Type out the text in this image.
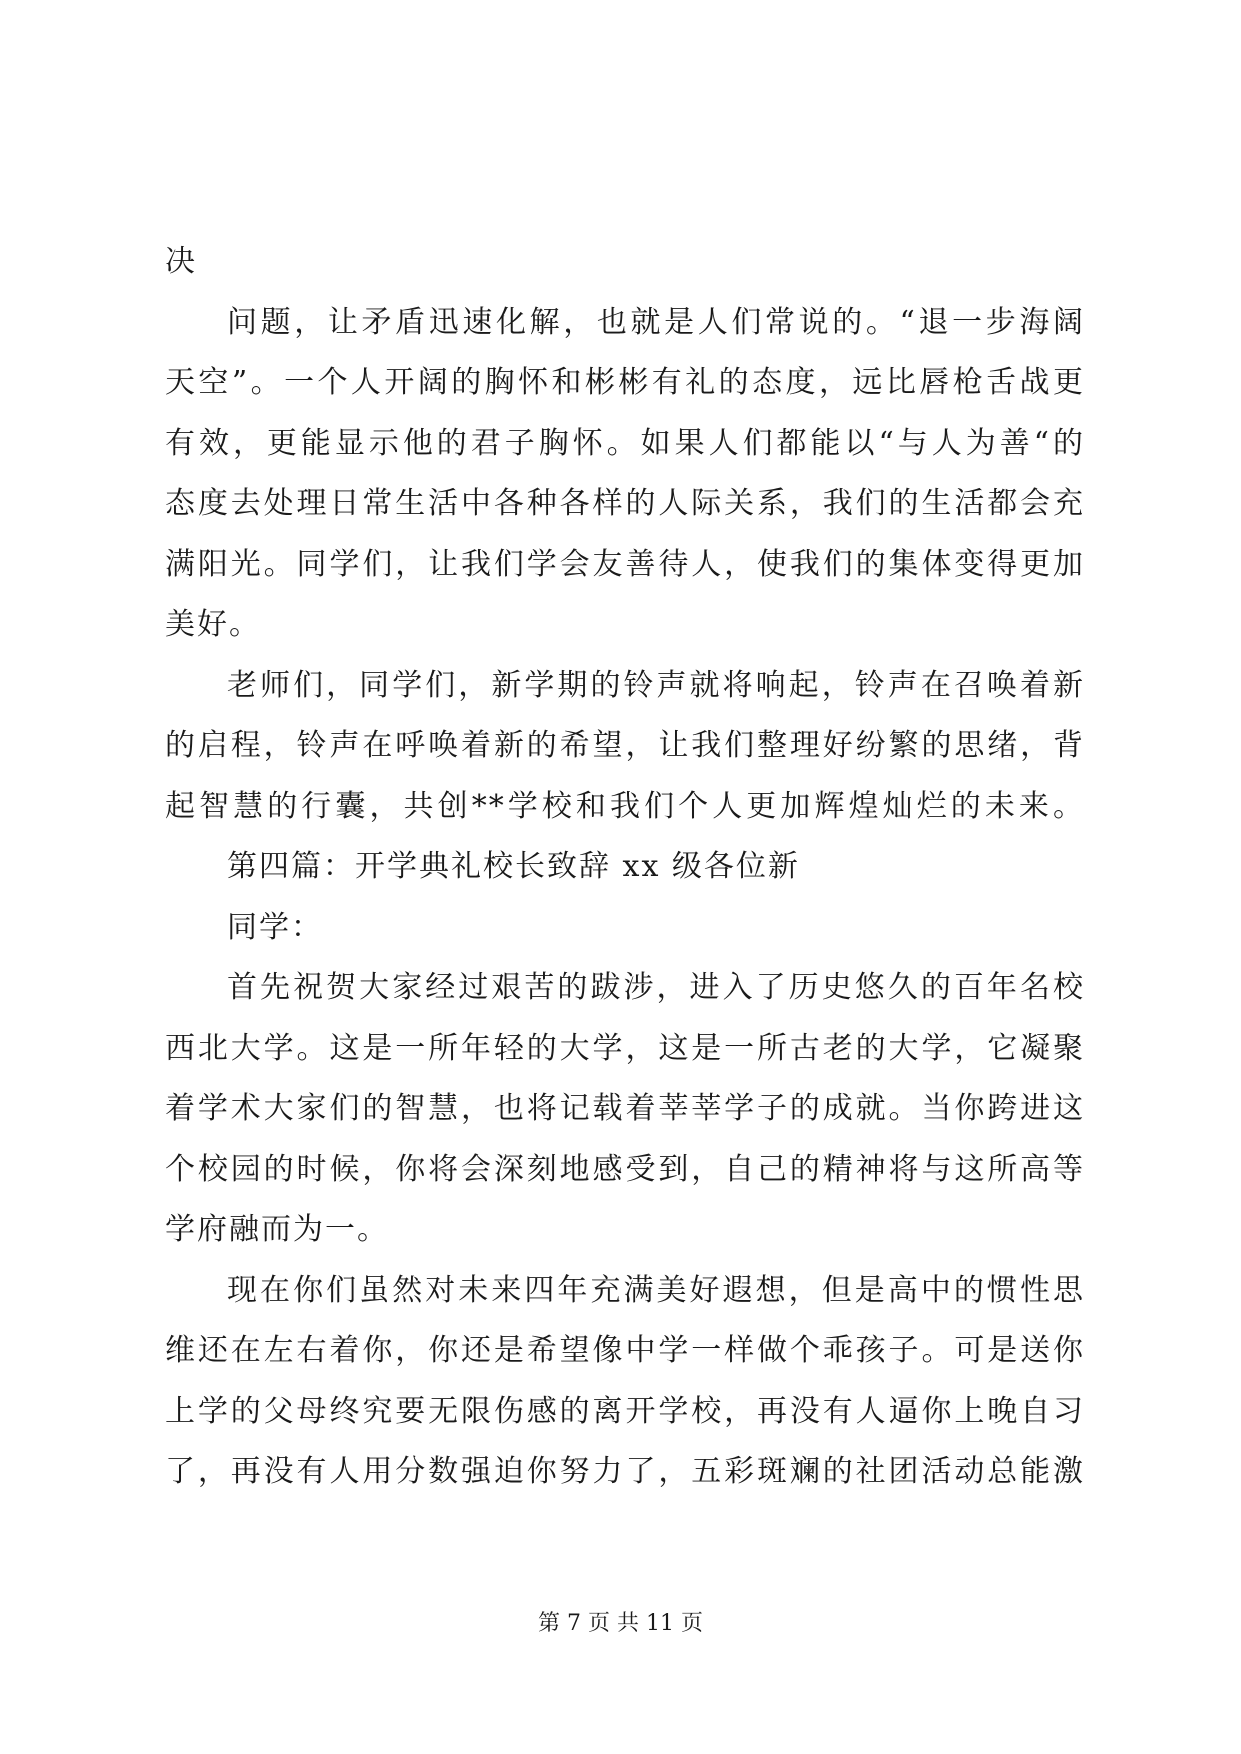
决
问题，让矛盾迅速化解，也就是人们常说的。“退一步海阔
天空”。一个人开阔的胸怀和彬彬有礼的态度，远比唇枪舌战更
有效，更能显示他的君子胸怀。如果人们都能以“与人为善“的
态度去处理日常生活中各种各样的人际关系，我们的生活都会充
满阳光。同学们，让我们学会友善待人，使我们的集体变得更加
美好。
老师们，同学们，新学期的铃声就将响起，铃声在召唤着新
的启程，铃声在呼唤着新的希望，让我们整理好纷繁的思绪，背
起智慧的行囊，共创**学校和我们个人更加辉煌灿烂的未来。
第四篇：开学典礼校长致辞 xx 级各位新
同学：
首先祝贺大家经过艰苦的跋涉，进入了历史悠久的百年名校
西北大学。这是一所年轻的大学，这是一所古老的大学，它凝聚
着学术大家们的智慧，也将记载着莘莘学子的成就。当你跨进这
个校园的时候，你将会深刻地感受到，自己的精神将与这所高等
学府融而为一。
现在你们虽然对未来四年充满美好遐想，但是高中的惯性思
维还在左右着你，你还是希望像中学一样做个乖孩子。可是送你
上学的父母终究要无限伤感的离开学校，再没有人逼你上晚自习
了，再没有人用分数强迫你努力了，五彩斑斓的社团活动总能激
第 7 页 共 11 页
